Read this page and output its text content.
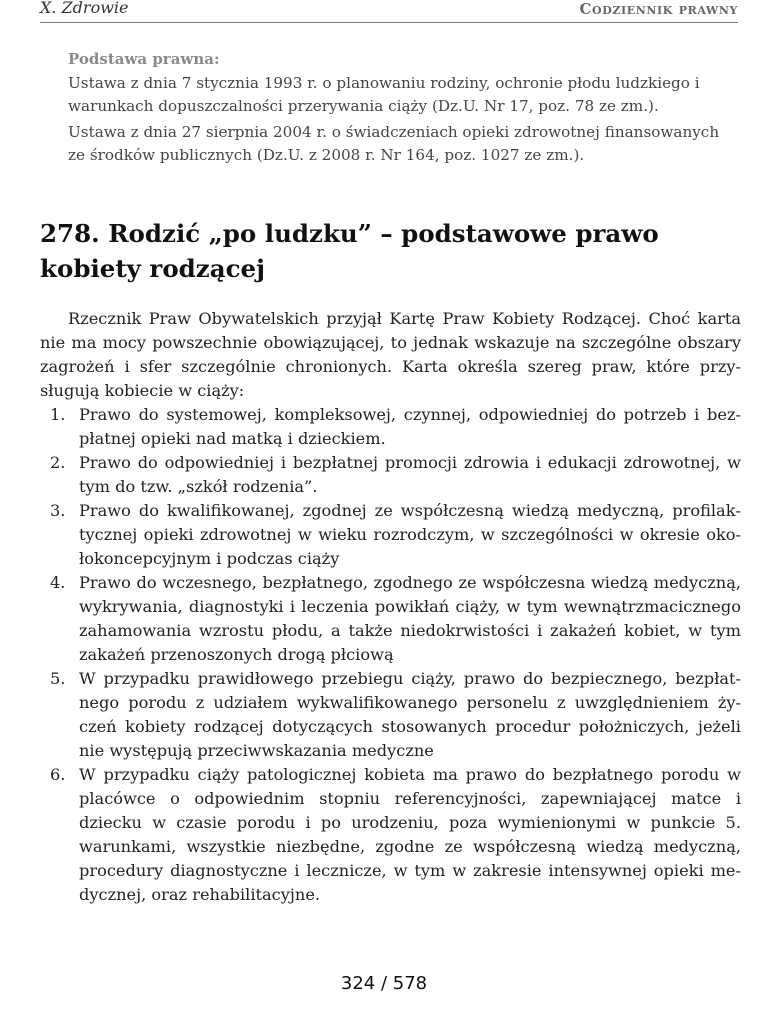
X. Zdrowie	Codziennik prawny
Podstawa prawna:

Ustawa z dnia 7 stycznia 1993 r. o planowaniu rodziny, ochronie płodu ludzkiego i warunkach dopuszczalności przerywania ciąży (Dz.U. Nr 17, poz. 78 ze zm.).

Ustawa z dnia 27 sierpnia 2004 r. o świadczeniach opieki zdrowotnej finansowanych ze środków publicznych (Dz.U. z 2008 r. Nr 164, poz. 1027 ze zm.).

278. Rodzić „po ludzku” – podstawowe prawo kobiety rodzącej

Rzecznik Praw Obywatelskich przyjął Kartę Praw Kobiety Rodzącej. Choć karta nie ma mocy powszechnie obowiązującej, to jednak wskazuje na szczególne obszary zagrożeń i sfer szczególnie chronionych. Karta określa szereg praw, które przysługują kobiecie w ciąży:

1. Prawo do systemowej, kompleksowej, czynnej, odpowiedniej do potrzeb i bezpłatnej opieki nad matką i dzieckiem.
2. Prawo do odpowiedniej i bezpłatnej promocji zdrowia i edukacji zdrowotnej, w tym do tzw. „szkół rodzenia”.
3. Prawo do kwalifikowanej, zgodnej ze współczesną wiedzą medyczną, profilaktycznej opieki zdrowotnej w wieku rozrodczym, w szczególności w okresie okołokoncepcyjnym i podczas ciąży
4. Prawo do wczesnego, bezpłatnego, zgodnego ze współczesna wiedzą medyczną, wykrywania, diagnostyki i leczenia powikłań ciąży, w tym wewnątrzmacicznego zahamowania wzrostu płodu, a także niedokrwistości i zakażeń kobiet, w tym zakażeń przenoszonych drogą płciową
5. W przypadku prawidłowego przebiegu ciąży, prawo do bezpiecznego, bezpłatnego porodu z udziałem wykwalifikowanego personelu z uwzględnieniem życzeń kobiety rodzącej dotyczących stosowanych procedur położniczych, jeżeli nie występują przeciwwskazania medyczne
6. W przypadku ciąży patologicznej kobieta ma prawo do bezpłatnego porodu w placówce o odpowiednim stopniu referencyjności, zapewniającej matce i dziecku w czasie porodu i po urodzeniu, poza wymienionymi w punkcie 5. warunkami, wszystkie niezbędne, zgodne ze współczesną wiedzą medyczną, procedury diagnostyczne i lecznicze, w tym w zakresie intensywnej opieki medycznej, oraz rehabilitacyjne.
324 / 578
